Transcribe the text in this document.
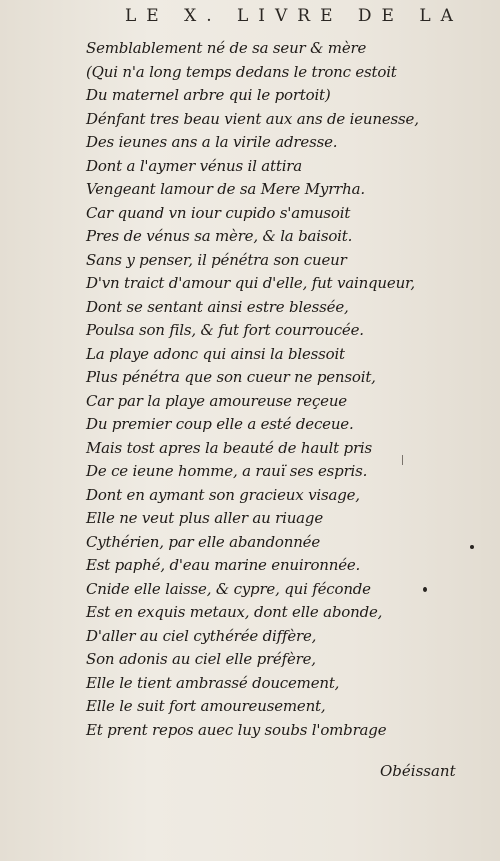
LE X. LIVRE DE LA
Semblablement né de sa seur & mère
(Qui n'a long temps dedans le tronc estoit
Du maternel arbre qui le portoit)
Dénfant tres beau vient aux ans de ieunesse,
Des ieunes ans a la virile adresse.
Dont a l'aymer vénus il attira
Vengeant lamour de sa Mere Myrrha.
Car quand vn iour cupido s'amusoit
Pres de vénus sa mère, & la baisoit.
Sans y penser, il pénétra son cueur
D'vn traict d'amour qui d'elle, fut vainqueur,
Dont se sentant ainsi estre blessée,
Poulsa son fils, & fut fort courroucée.
La playe adonc qui ainsi la blessoit
Plus pénétra que son cueur ne pensoit,
Car par la playe amoureuse reçeue
Du premier coup elle a esté deceue.
Mais tost apres la beauté de hault pris
De ce ieune homme, a rauï ses espris.
Dont en aymant son gracieux visage,
Elle ne veut plus aller au riuage
Cythérien, par elle abandonnée
Est paphé, d'eau marine enuironnée.
Cnide elle laisse, & cypre, qui féconde
Est en exquis metaux, dont elle abonde,
D'aller au ciel cythérée diffère,
Son adonis au ciel elle préfère,
Elle le tient ambrassé doucement,
Elle le suit fort amoureusement,
Et prent repos auec luy soubs l'ombrage
Obéissant
